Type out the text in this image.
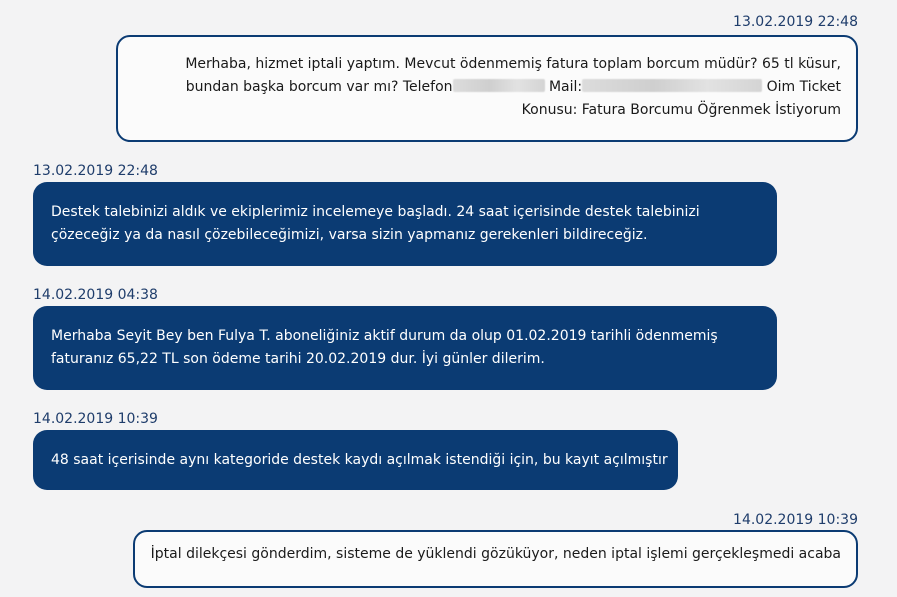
13.02.2019 22:48
Merhaba, hizmet iptali yaptım. Mevcut ödenmemiş fatura toplam borcum müdür? 65 tl küsur,
bundan başka borcum var mı? Telefon	Mail:	Oim Ticket
Konusu: Fatura Borcumu Öğrenmek İstiyorum
13.02.2019 22:48
Destek talebinizi aldık ve ekiplerimiz incelemeye başladı. 24 saat içerisinde destek talebinizi
çözeceğiz ya da nasıl çözebileceğimizi, varsa sizin yapmanız gerekenleri bildireceğiz.
14.02.2019 04:38
Merhaba Seyit Bey ben Fulya T. aboneliğiniz aktif durum da olup 01.02.2019 tarihli ödenmemiş
faturanız 65,22 TL son ödeme tarihi 20.02.2019 dur. İyi günler dilerim.
14.02.2019 10:39
48 saat içerisinde aynı kategoride destek kaydı açılmak istendiği için, bu kayıt açılmıştır
14.02.2019 10:39
İptal dilekçesi gönderdim, sisteme de yüklendi gözüküyor, neden iptal işlemi gerçekleşmedi acaba
